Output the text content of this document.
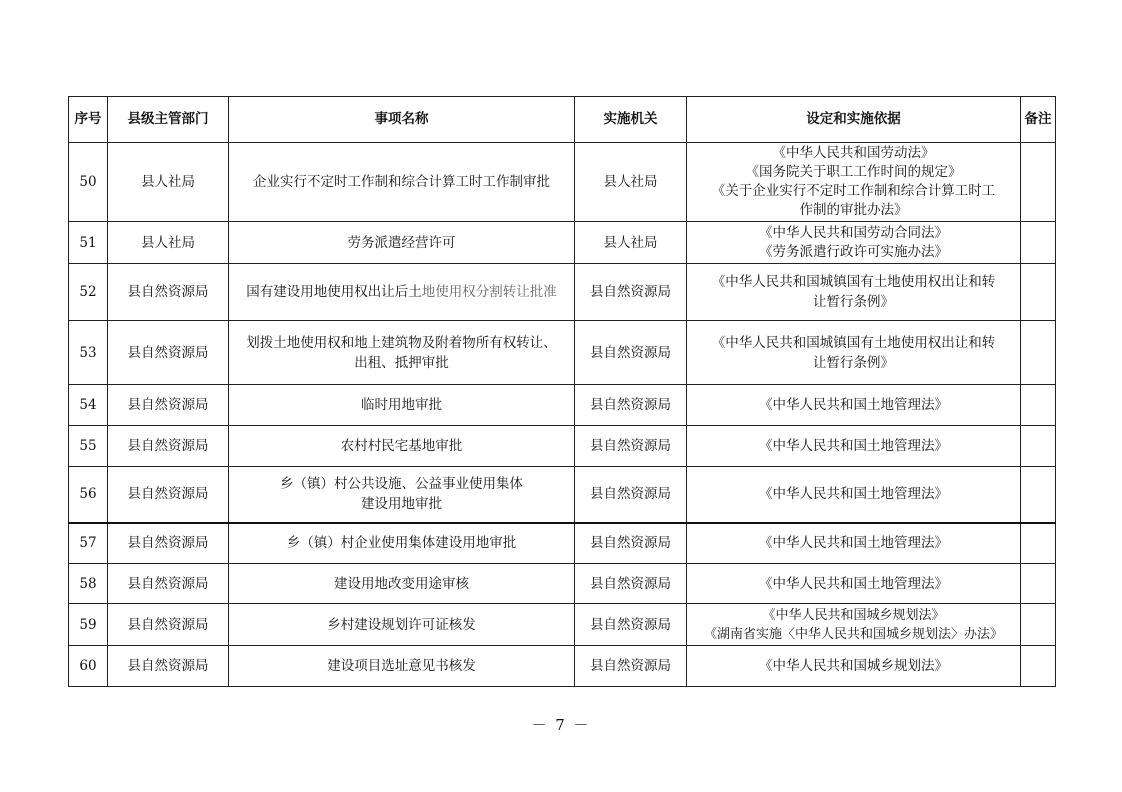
序号	县级主管部门	事项名称	实施机关	设定和实施依据	备注
50	县人社局	企业实行不定时工作制和综合计算工时工作制审批	县人社局	《中华人民共和国劳动法》
《国务院关于职工工作时间的规定》
《关于企业实行不定时工作制和综合计算工时工
作制的审批办法》	

51	县人社局	劳务派遣经营许可	县人社局	《中华人民共和国劳动合同法》
《劳务派遣行政许可实施办法》	

52	县自然资源局	国有建设用地使用权出让后土地使用权分割转让批准	县自然资源局	《中华人民共和国城镇国有土地使用权出让和转
让暂行条例》	

53	县自然资源局	划拨土地使用权和地上建筑物及附着物所有权转让、
出租、抵押审批	县自然资源局	《中华人民共和国城镇国有土地使用权出让和转
让暂行条例》	

54	县自然资源局	临时用地审批	县自然资源局	《中华人民共和国土地管理法》	

55	县自然资源局	农村村民宅基地审批	县自然资源局	《中华人民共和国土地管理法》	

56	县自然资源局	乡（镇）村公共设施、公益事业使用集体
建设用地审批	县自然资源局	《中华人民共和国土地管理法》	

57	县自然资源局	乡（镇）村企业使用集体建设用地审批	县自然资源局	《中华人民共和国土地管理法》	

58	县自然资源局	建设用地改变用途审核	县自然资源局	《中华人民共和国土地管理法》	

59	县自然资源局	乡村建设规划许可证核发	县自然资源局	《中华人民共和国城乡规划法》
《湖南省实施〈中华人民共和国城乡规划法〉办法》	

60	县自然资源局	建设项目选址意见书核发	县自然资源局	《中华人民共和国城乡规划法》	

－ 7 －
